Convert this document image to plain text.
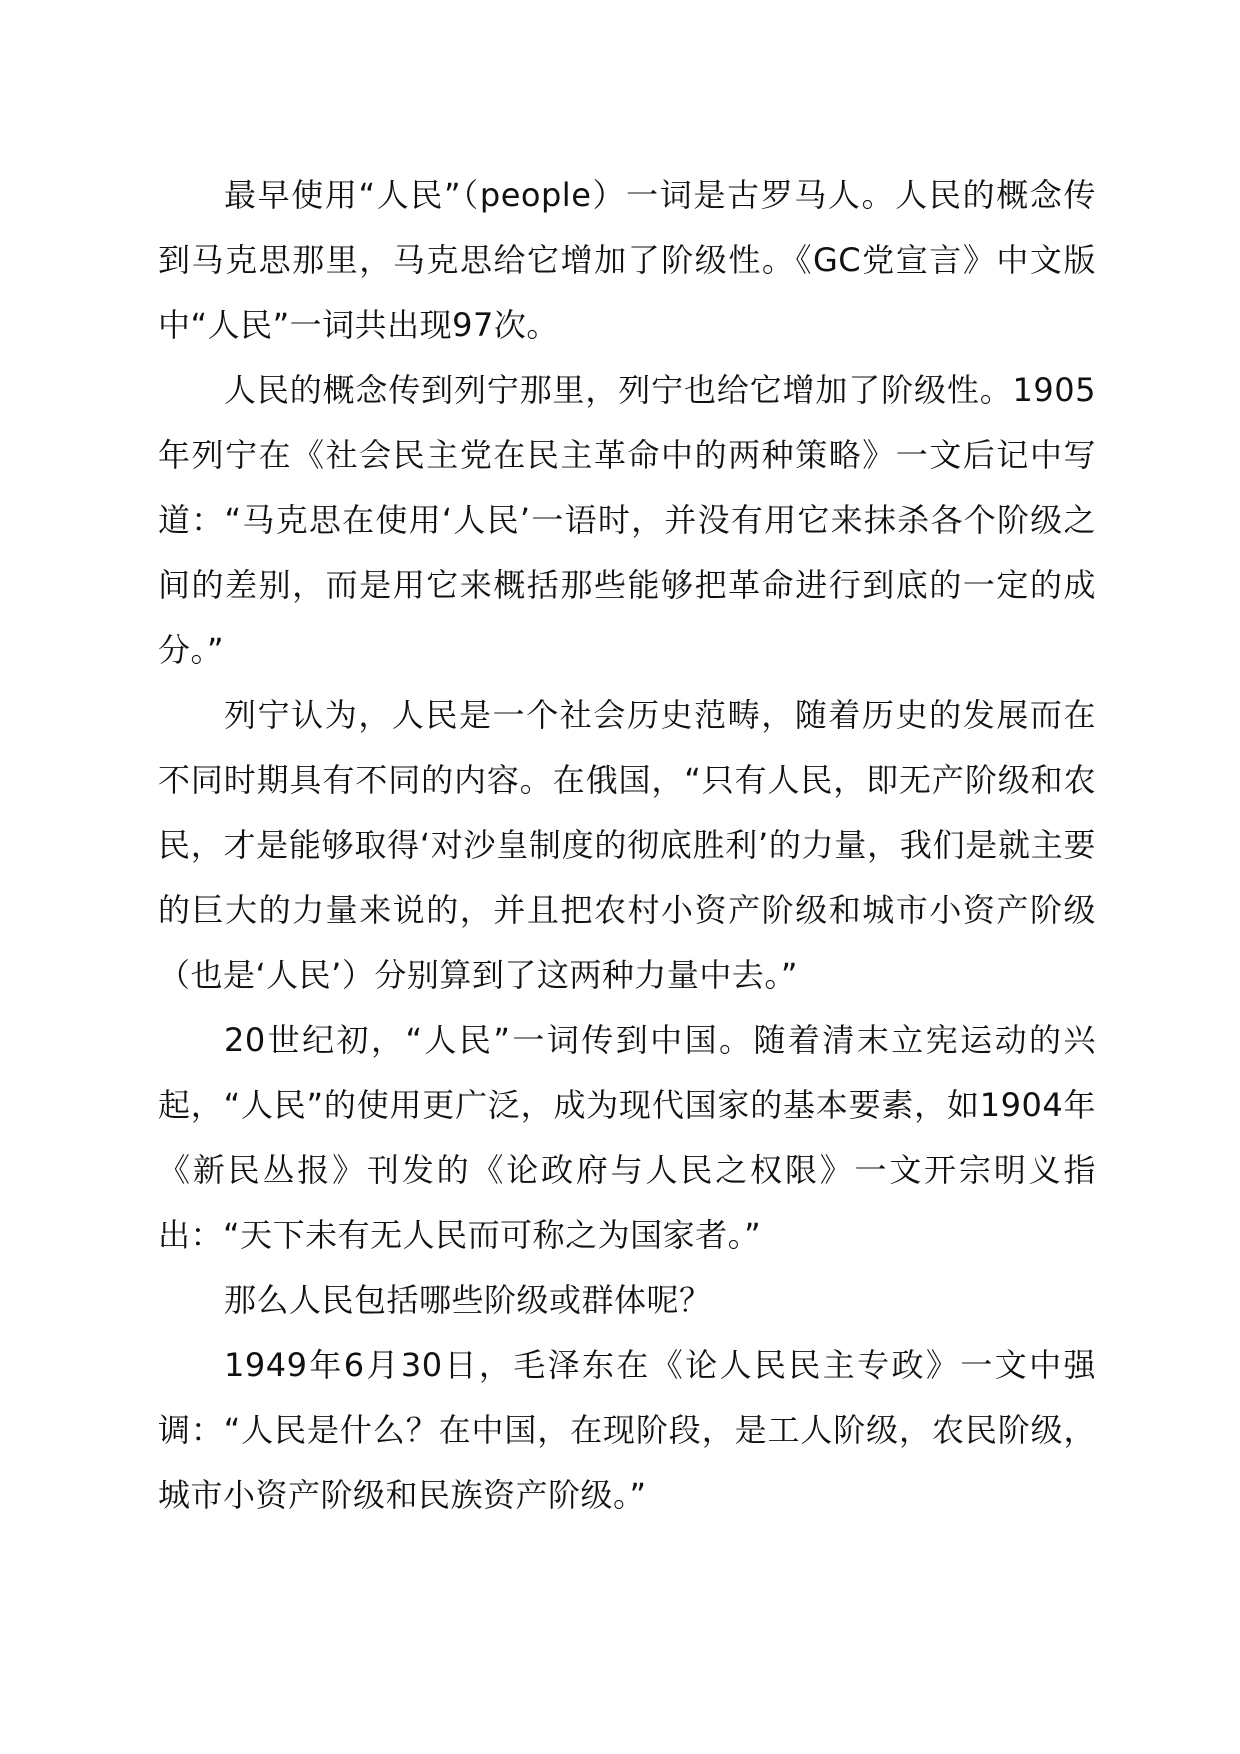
最早使用“人民”（people）一词是古罗马人。人民的概念传到马克思那里，马克思给它增加了阶级性。《GC党宣言》中文版中“人民”一词共出现97次。

人民的概念传到列宁那里，列宁也给它增加了阶级性。1905年列宁在《社会民主党在民主革命中的两种策略》一文后记中写道：“马克思在使用‘人民’一语时，并没有用它来抹杀各个阶级之间的差别，而是用它来概括那些能够把革命进行到底的一定的成分。”

列宁认为，人民是一个社会历史范畴，随着历史的发展而在不同时期具有不同的内容。在俄国，“只有人民，即无产阶级和农民，才是能够取得‘对沙皇制度的彻底胜利’的力量，我们是就主要的巨大的力量来说的，并且把农村小资产阶级和城市小资产阶级（也是‘人民’）分别算到了这两种力量中去。”

20世纪初，“人民”一词传到中国。随着清末立宪运动的兴起，“人民”的使用更广泛，成为现代国家的基本要素，如1904年《新民丛报》刊发的《论政府与人民之权限》一文开宗明义指出：“天下未有无人民而可称之为国家者。”

那么人民包括哪些阶级或群体呢？

1949年6月30日，毛泽东在《论人民民主专政》一文中强调：“人民是什么？在中国，在现阶段，是工人阶级，农民阶级，城市小资产阶级和民族资产阶级。”
